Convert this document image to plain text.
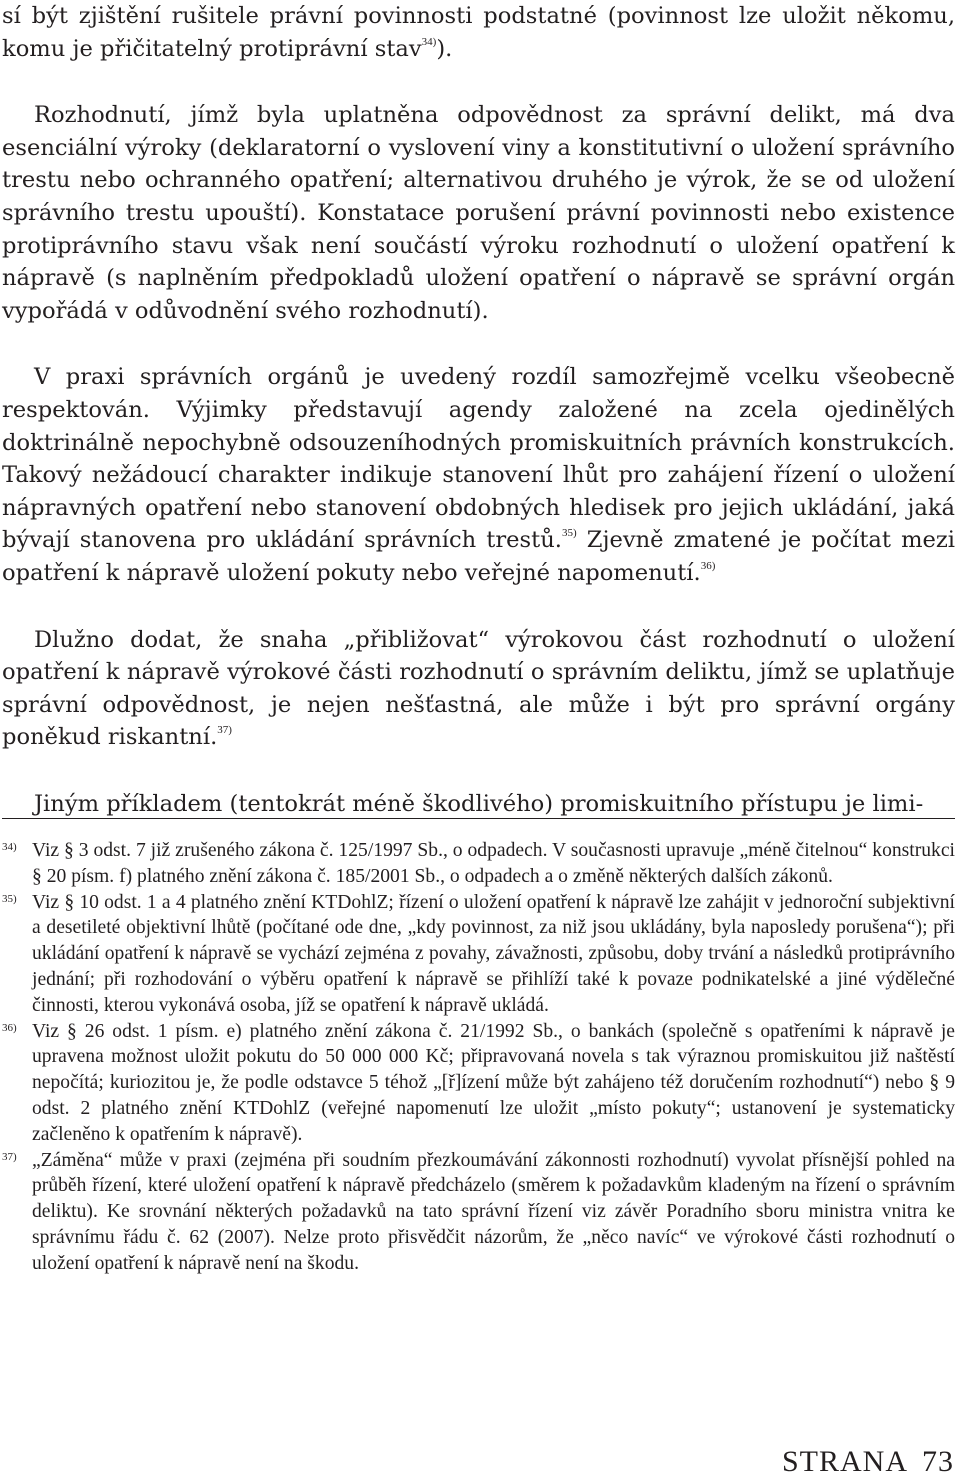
sí být zjištění rušitele právní povinnosti podstatné (povinnost lze uložit někomu, komu je přičitatelný protiprávní stav$^{34)}$).

Rozhodnutí, jímž byla uplatněna odpovědnost za správní delikt, má dva esenciální výroky (deklaratorní o vyslovení viny a konstitutivní o uložení správního trestu nebo ochranného opatření; alternativou druhého je výrok, že se od uložení správního trestu upouští). Konstatace porušení právní povinnosti nebo existence protiprávního stavu však není součástí výroku rozhodnutí o uložení opatření k nápravě (s naplněním předpokladů uložení opatření o nápravě se správní orgán vypořádá v odůvodnění svého rozhodnutí).

V praxi správních orgánů je uvedený rozdíl samozřejmě vcelku všeobecně respektován. Výjimky představují agendy založené na zcela ojedinělých doktrinálně nepochybně odsouzeníhodných promiskuitních právních konstrukcích. Takový nežádoucí charakter indikuje stanovení lhůt pro zahájení řízení o uložení nápravných opatření nebo stanovení obdobných hledisek pro jejich ukládání, jaká bývají stanovena pro ukládání správních trestů.$^{35)}$ Zjevně zmatené je počítat mezi opatření k nápravě uložení pokuty nebo veřejné napomenutí.$^{36)}$

Dlužno dodat, že snaha „přibližovat“ výrokovou část rozhodnutí o uložení opatření k nápravě výrokové části rozhodnutí o správním deliktu, jímž se uplatňuje správní odpovědnost, je nejen nešťastná, ale může i být pro správní orgány poněkud riskantní.$^{37)}$

Jiným příkladem (tentokrát méně škodlivého) promiskuitního přístupu je limi-

34) Viz § 3 odst. 7 již zrušeného zákona č. 125/1997 Sb., o odpadech. V současnosti upravuje „méně čitelnou“ konstrukci § 20 písm. f) platného znění zákona č. 185/2001 Sb., o odpadech a o změně některých dalších zákonů.
35) Viz § 10 odst. 1 a 4 platného znění KTDohlZ; řízení o uložení opatření k nápravě lze zahájit v jednoroční subjektivní a desetileté objektivní lhůtě (počítané ode dne, „kdy povinnost, za niž jsou ukládány, byla naposledy porušena“); při ukládání opatření k nápravě se vychází zejména z povahy, závažnosti, způsobu, doby trvání a následků protiprávního jednání; při rozhodování o výběru opatření k nápravě se přihlíží také k povaze podnikatelské a jiné výdělečné činnosti, kterou vykonává osoba, jíž se opatření k nápravě ukládá.
36) Viz § 26 odst. 1 písm. e) platného znění zákona č. 21/1992 Sb., o bankách (společně s opatřeními k nápravě je upravena možnost uložit pokutu do 50 000 000 Kč; připravovaná novela s tak výraznou promiskuitou již naštěstí nepočítá; kuriozitou je, že podle odstavce 5 téhož „[ř]ízení může být zahájeno též doručením rozhodnutí“) nebo § 9 odst. 2 platného znění KTDohlZ (veřejné napomenutí lze uložit „místo pokuty“; ustanovení je systematicky začleněno k opatřením k nápravě).
37) „Záměna“ může v praxi (zejména při soudním přezkoumávání zákonnosti rozhodnutí) vyvolat přísnější pohled na průběh řízení, které uložení opatření k nápravě předcházelo (směrem k požadavkům kladeným na řízení o správním deliktu). Ke srovnání některých požadavků na tato správní řízení viz závěr Poradního sboru ministra vnitra ke správnímu řádu č. 62 (2007). Nelze proto přisvědčit názorům, že „něco navíc“ ve výrokové části rozhodnutí o uložení opatření k nápravě není na škodu.
STRANA 73
